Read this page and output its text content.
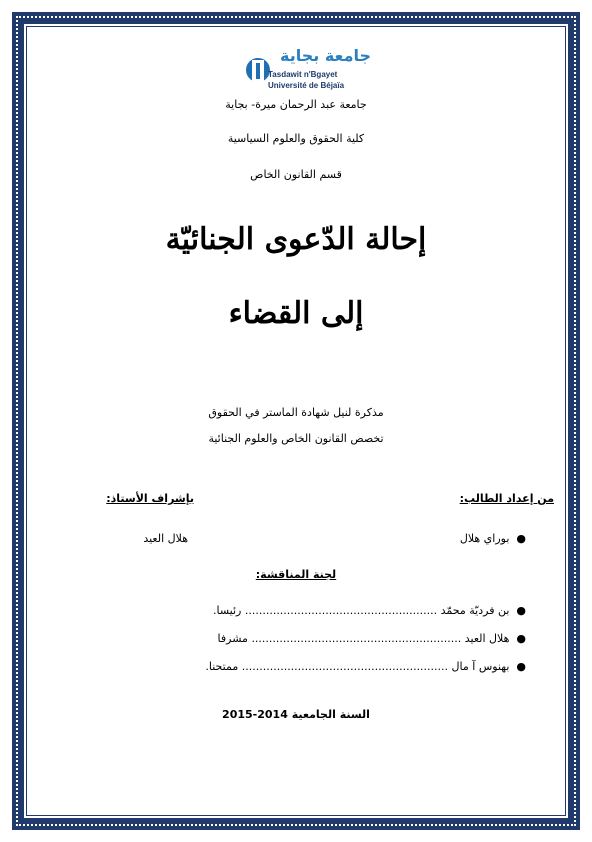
جامعة بجاية
Tasdawit n'Bgayet
Université de Béjaïa
جامعة عبد الرحمان ميرة- بجاية
كلية الحقوق والعلوم السياسية
قسم القانون الخاص
إحالة الدّعوى الجنائيّة
إلى القضاء
مذكرة لنيل شهادة الماستر في الحقوق
تخصص القانون الخاص والعلوم الجنائية
من إعداد الطالب:
بإشراف الأستاذ:
●  بوراي هلال
هلال العيد
لجنة المناقشة:
●  بن فرديّة محمّد ....................................................... رئيسا.
●  هلال العيد ............................................................ مشرفا
●  بهنوس آ مال ........................................................... ممتحنا.
السنة الجامعية 2014-2015
